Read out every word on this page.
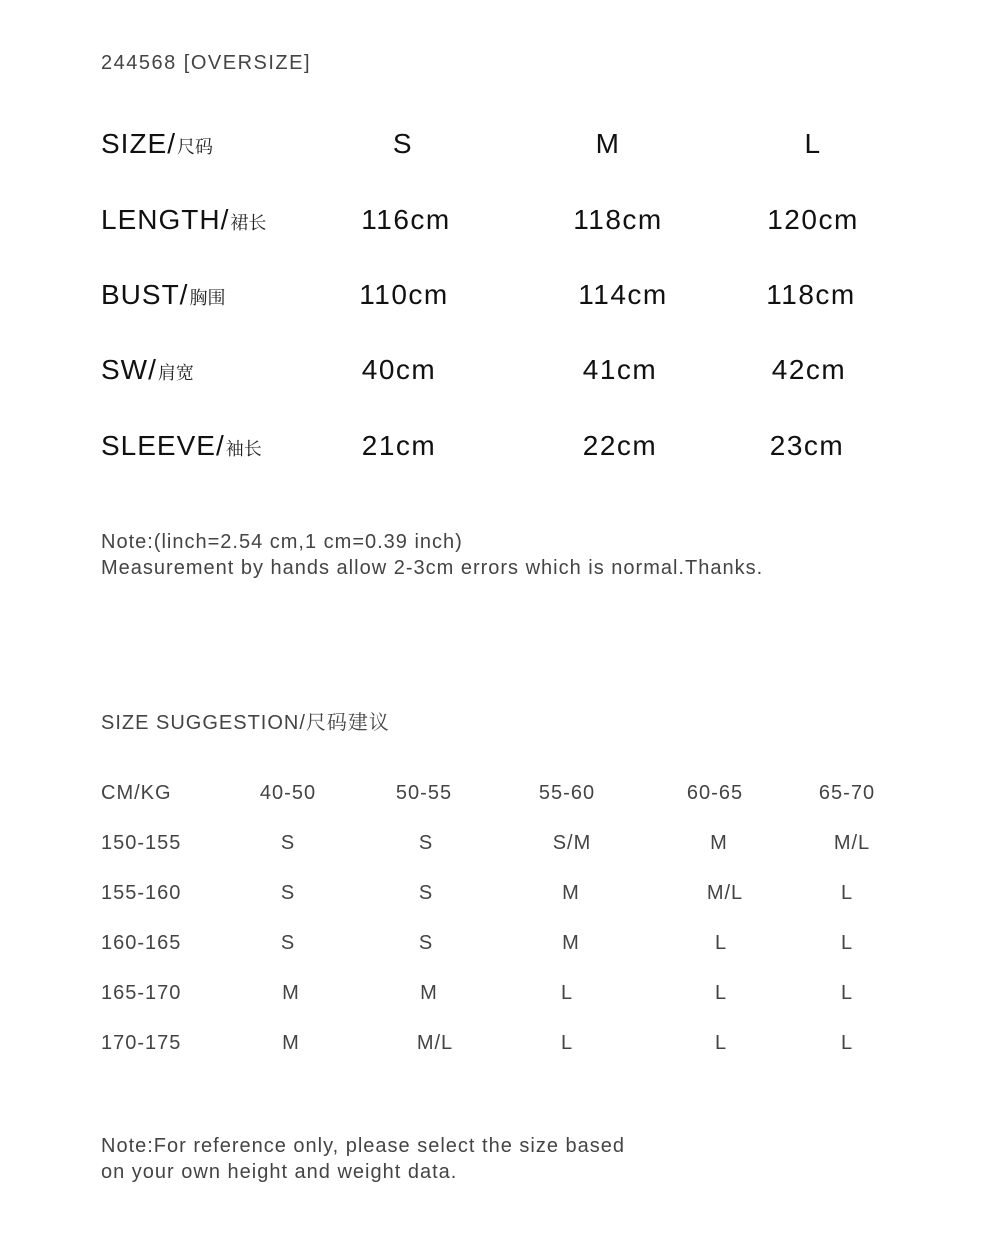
244568 [OVERSIZE]
SIZE/尺码	S	M	L
LENGTH/裙长	116cm	118cm	120cm
BUST/胸围	110cm	114cm	118cm
SW/肩宽	40cm	41cm	42cm
SLEEVE/袖长	21cm	22cm	23cm
Note:(linch=2.54 cm,1 cm=0.39 inch)
Measurement by hands allow 2-3cm errors which is normal.Thanks.
SIZE SUGGESTION/尺码建议
CM/KG	40-50	50-55	55-60	60-65	65-70
150-155	S	S	S/M	M	M/L
155-160	S	S	M	M/L	L
160-165	S	S	M	L	L
165-170	M	M	L	L	L
170-175	M	M/L	L	L	L
Note:For reference only, please select the size based
on your own height and weight data.
